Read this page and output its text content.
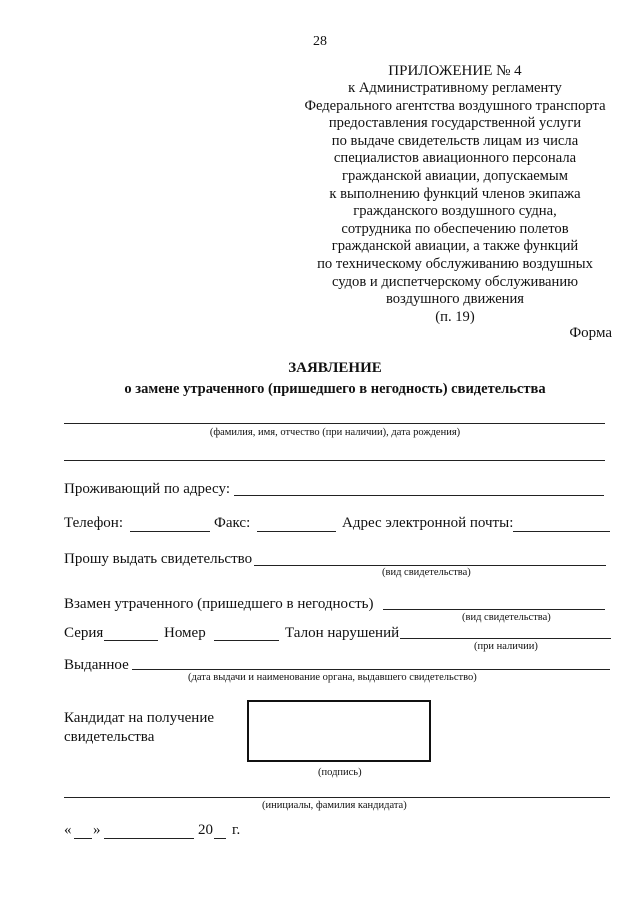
28
ПРИЛОЖЕНИЕ № 4
к Административному регламенту
Федерального агентства воздушного транспорта
предоставления государственной услуги
по выдаче свидетельств лицам из числа
специалистов авиационного персонала
гражданской авиации, допускаемым
к выполнению функций членов экипажа
гражданского воздушного судна,
сотрудника по обеспечению полетов
гражданской авиации, а также функций
по техническому обслуживанию воздушных
судов и диспетчерскому обслуживанию
воздушного движения
(п. 19)
Форма
ЗАЯВЛЕНИЕ
о замене утраченного (пришедшего в негодность) свидетельства
(фамилия, имя, отчество (при наличии), дата рождения)
Проживающий по адресу:
Телефон:	Факс:	Адрес электронной почты:
Прошу выдать свидетельство
(вид свидетельства)
Взамен утраченного (пришедшего в негодность)
(вид свидетельства)
Серия	Номер	Талон нарушений
(при наличии)
Выданное
(дата выдачи и наименование органа, выдавшего свидетельство)
Кандидат на получение свидетельства
(подпись)
(инициалы, фамилия кандидата)
« »	20 г.
